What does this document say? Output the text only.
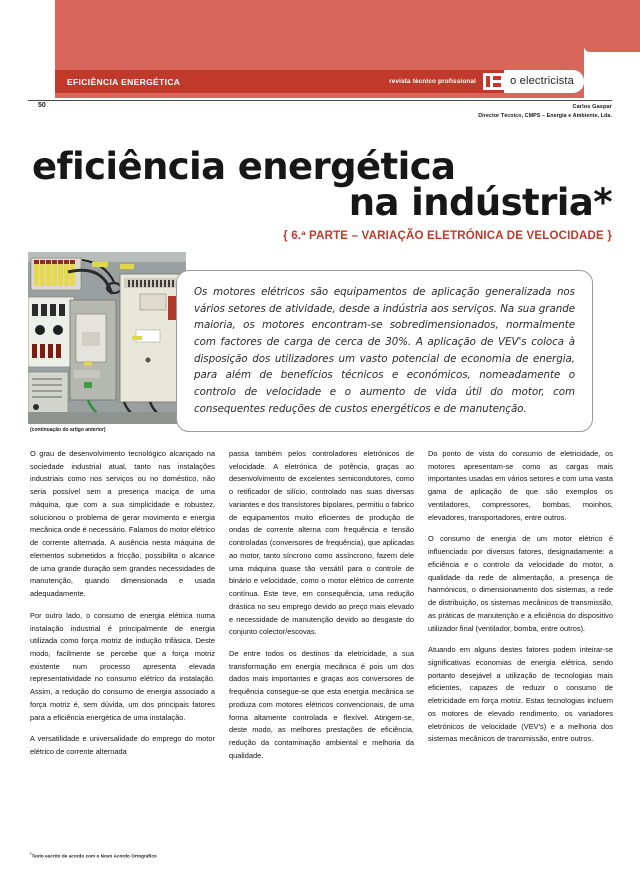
EFICIÊNCIA ENERGÉTICA	revista técnico profissional	o electricista
50	Carlos Gaspar
Director Técnico, CMPS – Energia e Ambiente, Lda.
eficiência energética
na indústria*
{ 6.ª PARTE – VARIAÇÃO ELETRÓNICA DE VELOCIDADE }
(continuação do artigo anterior)

Os motores elétricos são equipamentos de aplicação generalizada nos vários setores de atividade, desde a indústria aos serviços. Na sua grande maioria, os motores encontram-se sobredimensionados, normalmente com factores de carga de cerca de 30%. A aplicação de VEV's coloca à disposição dos utilizadores um vasto potencial de economia de energia, para além de benefícios técnicos e económicos, nomeadamente o controlo de velocidade e o aumento de vida útil do motor, com consequentes reduções de custos energéticos e de manutenção.

O grau de desenvolvimento tecnológico alcançado na sociedade industrial atual, tanto nas instalações industriais como nos serviços ou no doméstico, não seria possível sem a presença maciça de uma máquina, que com a sua simplicidade e robustez, solucionou o problema de gerar movimento e energia mecânica onde é necessário. Falamos do motor elétrico de corrente alternada. A ausência nesta máquina de elementos submetidos a fricção, possibilita o alcance de uma grande duração sem grandes necessidades de manutenção, quando dimensionada e usada adequadamente.

Por outro lado, o consumo de energia elétrica numa instalação industrial é principalmente de energia utilizada como força motriz de indução trifásica. Deste modo, facilmente se percebe que a força motriz existente num processo apresenta elevada representatividade no consumo elétrico da instalação. Assim, a redução do consumo de energia associado a força motriz é, sem dúvida, um dos principais fatores para a eficiência energética de uma instalação.

A versatilidade e universalidade do emprego do motor elétrico de corrente alternada

passa também pelos controladores eletrónicos de velocidade. A eletrónica de potência, graças ao desenvolvimento de excelentes semicondutores, como o retificador de silício, controlado nas suas diversas variantes e dos transístores bipolares, permitiu o fabrico de equipamentos muito eficientes de produção de ondas de corrente alterna com frequência e tensão controladas (conversores de frequência), que aplicadas ao motor, tanto síncrono como assíncrono, fazem dele uma máquina quase tão versátil para o controle de binário e velocidade, como o motor elétrico de corrente contínua. Este teve, em consequência, uma redução drástica no seu emprego devido ao preço mais elevado e necessidade de manutenção devido ao desgaste do conjunto colector/escovas.

De entre todos os destinos da eletricidade, a sua transformação em energia mecânica é pois um dos dados mais importantes e graças aos conversores de frequência consegue-se que esta energia mecânica se produza com motores elétricos convencionais, de uma forma altamente controlada e flexível. Atingem-se, deste modo, as melhores prestações de eficiência, redução da contaminação ambiental e melhoria da qualidade.

Do ponto de vista do consumo de eletricidade, os motores apresentam-se como as cargas mais importantes usadas em vários setores e com uma vasta gama de aplicação de que são exemplos os ventiladores, compressores, bombas, moinhos, elevadores, transportadores, entre outros.

O consumo de energia de um motor elétrico é influenciado por diversos fatores, designadamente: a eficiência e o controlo da velocidade do motor, a qualidade da rede de alimentação, a presença de harmónicos, o dimensionamento dos sistemas, a rede de distribuição, os sistemas mecânicos de transmissão, as práticas de manutenção e a eficiência do dispositivo utilizador final (ventilador, bomba, entre outros).

Atuando em alguns destes fatores podem inteirar-se significativas economias de energia elétrica, sendo portanto desejável a utilização de tecnologias mais eficientes, capazes de reduzir o consumo de eletricidade em força motriz. Estas tecnologias incluem os motores de elevado rendimento, os variadores eletrónicos de velocidade (VEV's) e a melhoria dos sistemas mecânicos de transmissão, entre outros.

*Texto escrito de acordo com o Novo Acordo Ortográfico
